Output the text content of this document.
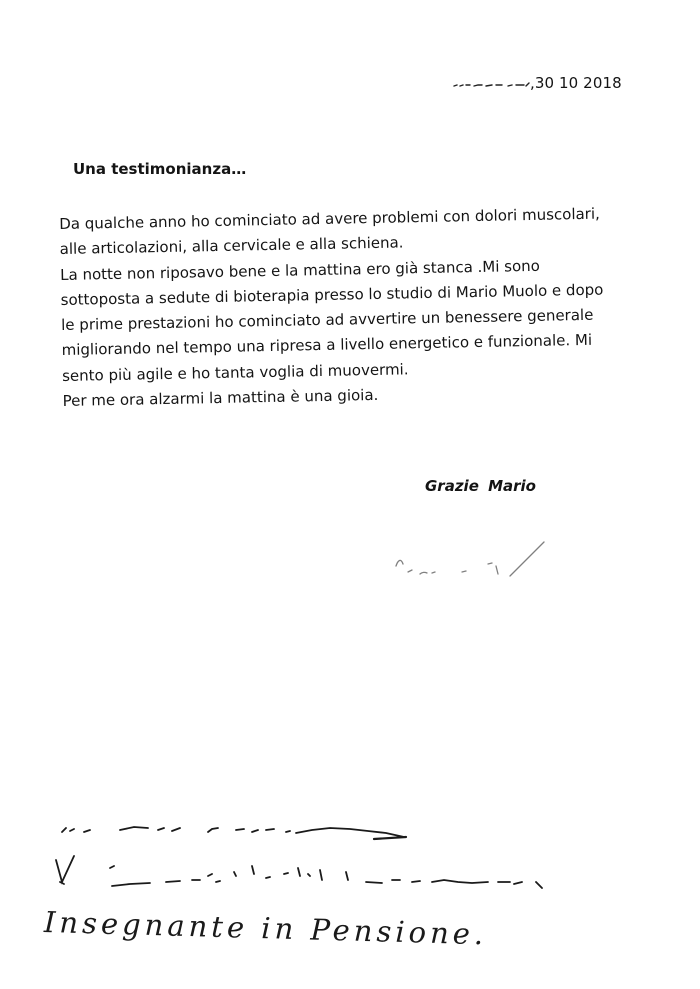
,30 10 2018
Una testimonianza…
Da qualche anno ho cominciato ad avere problemi con dolori muscolari,
alle articolazioni, alla cervicale e alla schiena.
La notte non riposavo bene e la mattina ero già stanca .Mi sono
sottoposta a sedute di bioterapia presso lo studio di Mario Muolo e dopo
le prime prestazioni ho cominciato ad avvertire un benessere generale
migliorando nel tempo una ripresa a livello energetico e funzionale. Mi
sento più agile e ho tanta voglia di muovermi.
Per me ora alzarmi la mattina è una gioia.
Grazie Mario
Insegnante in Pensione.
